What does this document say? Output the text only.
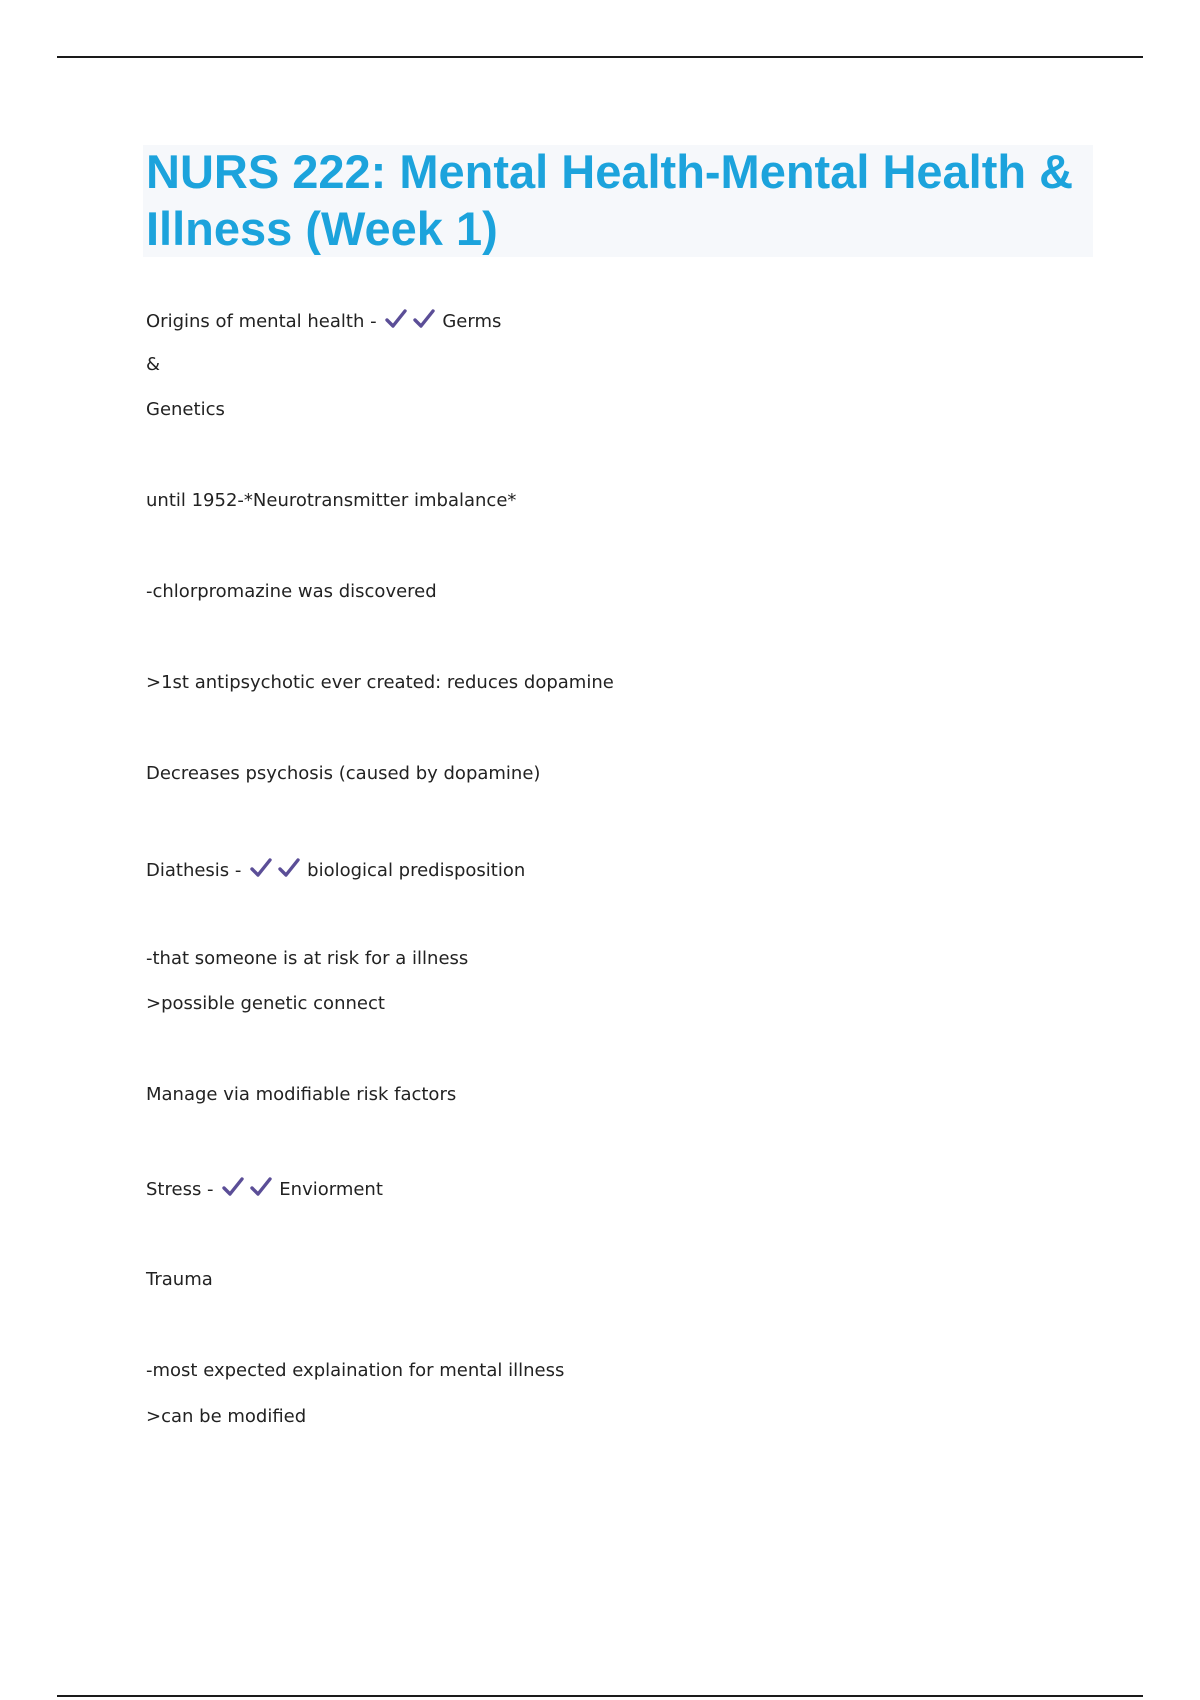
NURS 222: Mental Health-Mental Health & Illness (Week 1)

Origins of mental health -	Germs

&

Genetics

until 1952-*Neurotransmitter imbalance*

-chlorpromazine was discovered

>1st antipsychotic ever created: reduces dopamine

Decreases psychosis (caused by dopamine)

Diathesis -	biological predisposition

-that someone is at risk for a illness

>possible genetic connect

Manage via modifiable risk factors

Stress -	Enviorment

Trauma

-most expected explaination for mental illness

>can be modified
